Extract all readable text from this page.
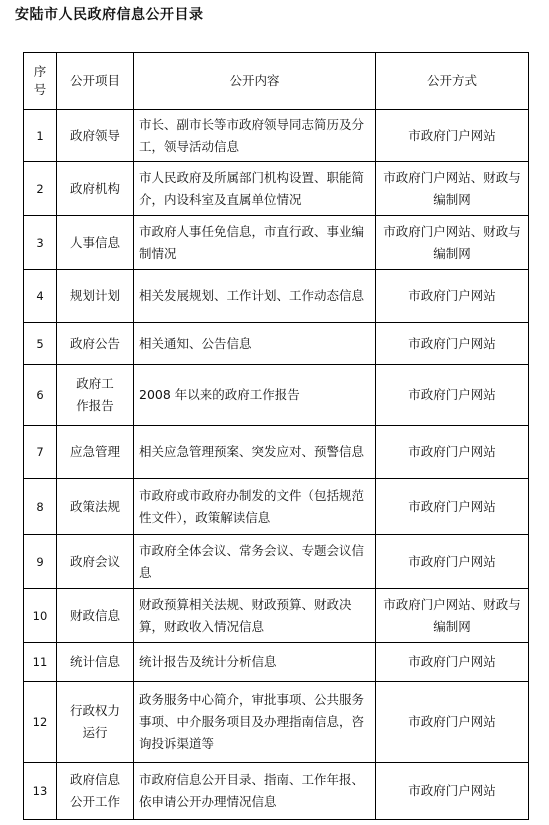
安陆市人民政府信息公开目录
序
号	公开项目	公开内容	公开方式
1	政府领导	市长、副市长等市政府领导同志简历及分工，领导活动信息	市政府门户网站
2	政府机构	市人民政府及所属部门机构设置、职能简介，内设科室及直属单位情况	市政府门户网站、财政与编制网
3	人事信息	市政府人事任免信息，市直行政、事业编制情况	市政府门户网站、财政与编制网
4	规划计划	相关发展规划、工作计划、工作动态信息	市政府门户网站
5	政府公告	相关通知、公告信息	市政府门户网站
6	政府工作报告	2008 年以来的政府工作报告	市政府门户网站
7	应急管理	相关应急管理预案、突发应对、预警信息	市政府门户网站
8	政策法规	市政府或市政府办制发的文件（包括规范性文件），政策解读信息	市政府门户网站
9	政府会议	市政府全体会议、常务会议、专题会议信息	市政府门户网站
10	财政信息	财政预算相关法规、财政预算、财政决算，财政收入情况信息	市政府门户网站、财政与编制网
11	统计信息	统计报告及统计分析信息	市政府门户网站
12	行政权力运行	政务服务中心简介，审批事项、公共服务事项、中介服务项目及办理指南信息，咨询投诉渠道等	市政府门户网站
13	政府信息公开工作	市政府信息公开目录、指南、工作年报、依申请公开办理情况信息	市政府门户网站
